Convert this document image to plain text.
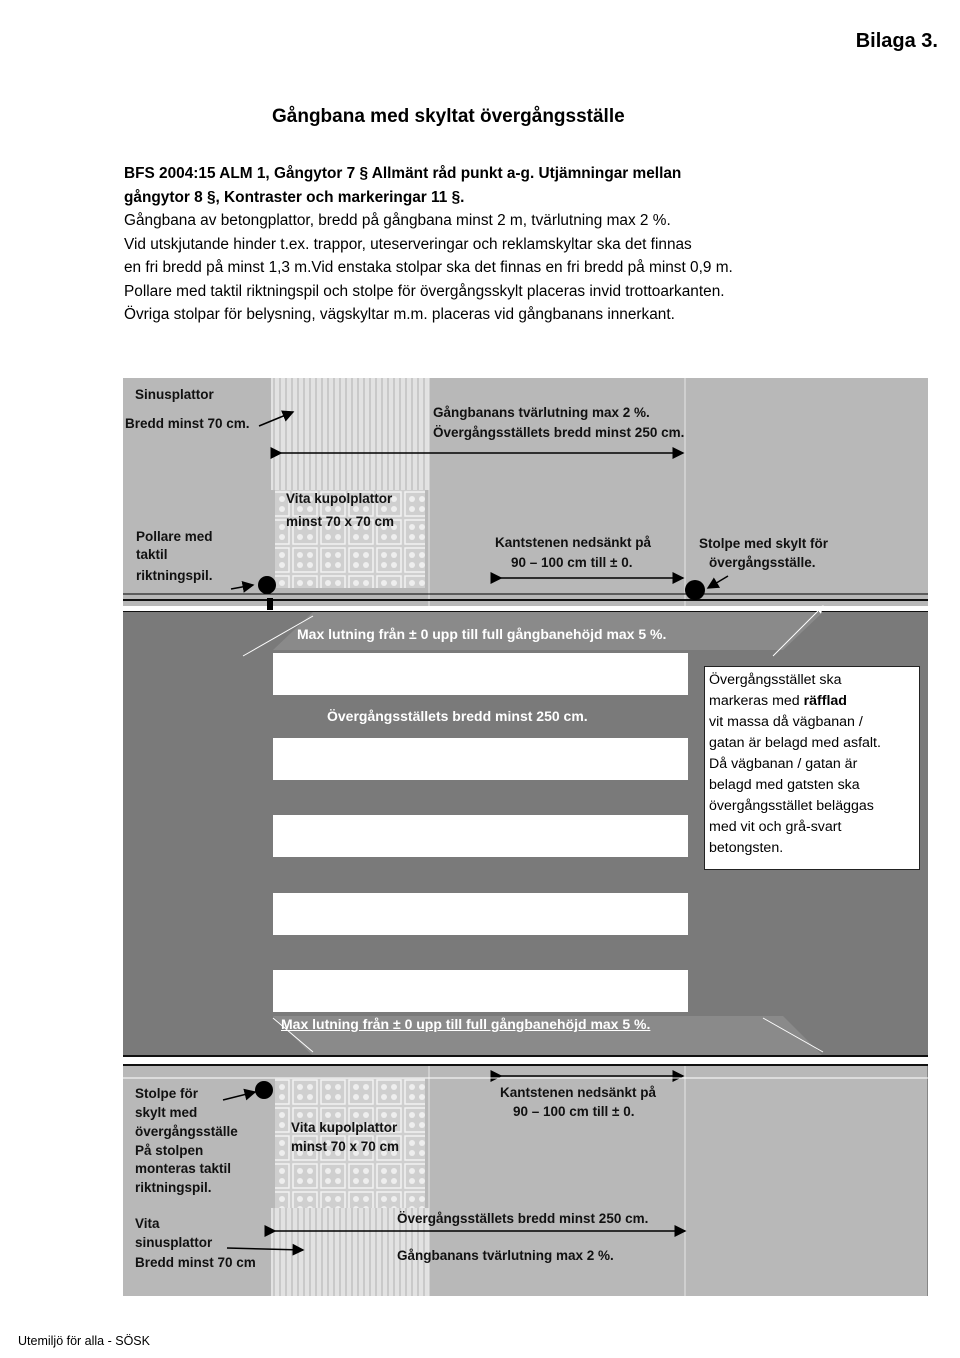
Bilaga 3.
Gångbana med skyltat övergångsställe
BFS 2004:15 ALM 1, Gångytor 7 § Allmänt råd punkt a-g. Utjämningar mellan
gångytor 8 §, Kontraster och markeringar 11 §.
Gångbana av betongplattor, bredd på gångbana minst 2 m, tvärlutning max 2 %.
Vid utskjutande hinder t.ex. trappor, uteserveringar och reklamskyltar ska det finnas
en fri bredd på minst 1,3 m.Vid enstaka stolpar ska det finnas en fri bredd på minst 0,9 m.
Pollare med taktil riktningspil och stolpe för övergångsskylt placeras invid trottoarkanten.
Övriga stolpar för belysning, vägskyltar m.m. placeras vid gångbanans innerkant.
Sinusplattor
Bredd minst 70 cm.
Gångbanans tvärlutning max 2 %.
Övergångsställets bredd minst 250 cm.
Vita kupolplattor
minst 70 x 70 cm
Pollare med
taktil
riktningspil.
Kantstenen nedsänkt på
90 – 100 cm till ± 0.
Stolpe med skylt för
övergångsställe.
Max lutning från ± 0 upp till full gångbanehöjd max 5 %.
Övergångsställets bredd minst 250 cm.
Max lutning från ± 0 upp till full gångbanehöjd max 5 %.
Övergångsstället ska
markeras med räfflad
vit massa då vägbanan /
gatan är belagd med asfalt.
Då vägbanan / gatan är
belagd med gatsten ska
övergångsstället beläggas
med vit och grå-svart
betongsten.
Stolpe för
skylt med
övergångsställe
På stolpen
monteras taktil
riktningspil.
Vita kupolplattor
minst 70 x 70 cm
Kantstenen nedsänkt på
90 – 100 cm till ± 0.
Vita
sinusplattor
Bredd minst 70 cm
Övergångsställets bredd minst 250 cm.
Gångbanans tvärlutning max 2 %.
Utemiljö för alla - SÖSK
